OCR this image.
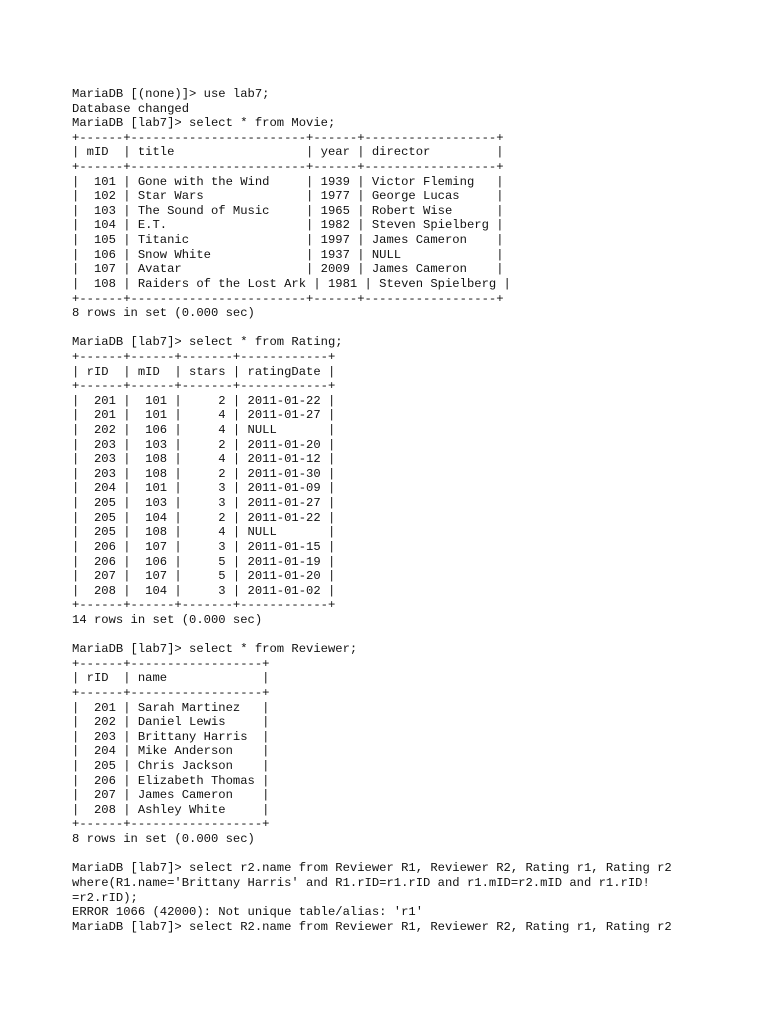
MariaDB [(none)]> use lab7;
Database changed
MariaDB [lab7]> select * from Movie;
+------+------------------------+------+------------------+
| mID  | title                  | year | director         |
+------+------------------------+------+------------------+
|  101 | Gone with the Wind     | 1939 | Victor Fleming   |
|  102 | Star Wars              | 1977 | George Lucas     |
|  103 | The Sound of Music     | 1965 | Robert Wise      |
|  104 | E.T.                   | 1982 | Steven Spielberg |
|  105 | Titanic                | 1997 | James Cameron    |
|  106 | Snow White             | 1937 | NULL             |
|  107 | Avatar                 | 2009 | James Cameron    |
|  108 | Raiders of the Lost Ark | 1981 | Steven Spielberg |
+------+------------------------+------+------------------+
8 rows in set (0.000 sec)
MariaDB [lab7]> select * from Rating;
+------+------+-------+------------+
| rID  | mID  | stars | ratingDate |
+------+------+-------+------------+
|  201 |  101 |     2 | 2011-01-22 |
|  201 |  101 |     4 | 2011-01-27 |
|  202 |  106 |     4 | NULL       |
|  203 |  103 |     2 | 2011-01-20 |
|  203 |  108 |     4 | 2011-01-12 |
|  203 |  108 |     2 | 2011-01-30 |
|  204 |  101 |     3 | 2011-01-09 |
|  205 |  103 |     3 | 2011-01-27 |
|  205 |  104 |     2 | 2011-01-22 |
|  205 |  108 |     4 | NULL       |
|  206 |  107 |     3 | 2011-01-15 |
|  206 |  106 |     5 | 2011-01-19 |
|  207 |  107 |     5 | 2011-01-20 |
|  208 |  104 |     3 | 2011-01-02 |
+------+------+-------+------------+
14 rows in set (0.000 sec)
MariaDB [lab7]> select * from Reviewer;
+------+------------------+
| rID  | name             |
+------+------------------+
|  201 | Sarah Martinez   |
|  202 | Daniel Lewis     |
|  203 | Brittany Harris  |
|  204 | Mike Anderson    |
|  205 | Chris Jackson    |
|  206 | Elizabeth Thomas |
|  207 | James Cameron    |
|  208 | Ashley White     |
+------+------------------+
8 rows in set (0.000 sec)
MariaDB [lab7]> select r2.name from Reviewer R1, Reviewer R2, Rating r1, Rating r2
where(R1.name='Brittany Harris' and R1.rID=r1.rID and r1.mID=r2.mID and r1.rID!
=r2.rID);
ERROR 1066 (42000): Not unique table/alias: 'r1'
MariaDB [lab7]> select R2.name from Reviewer R1, Reviewer R2, Rating r1, Rating r2
